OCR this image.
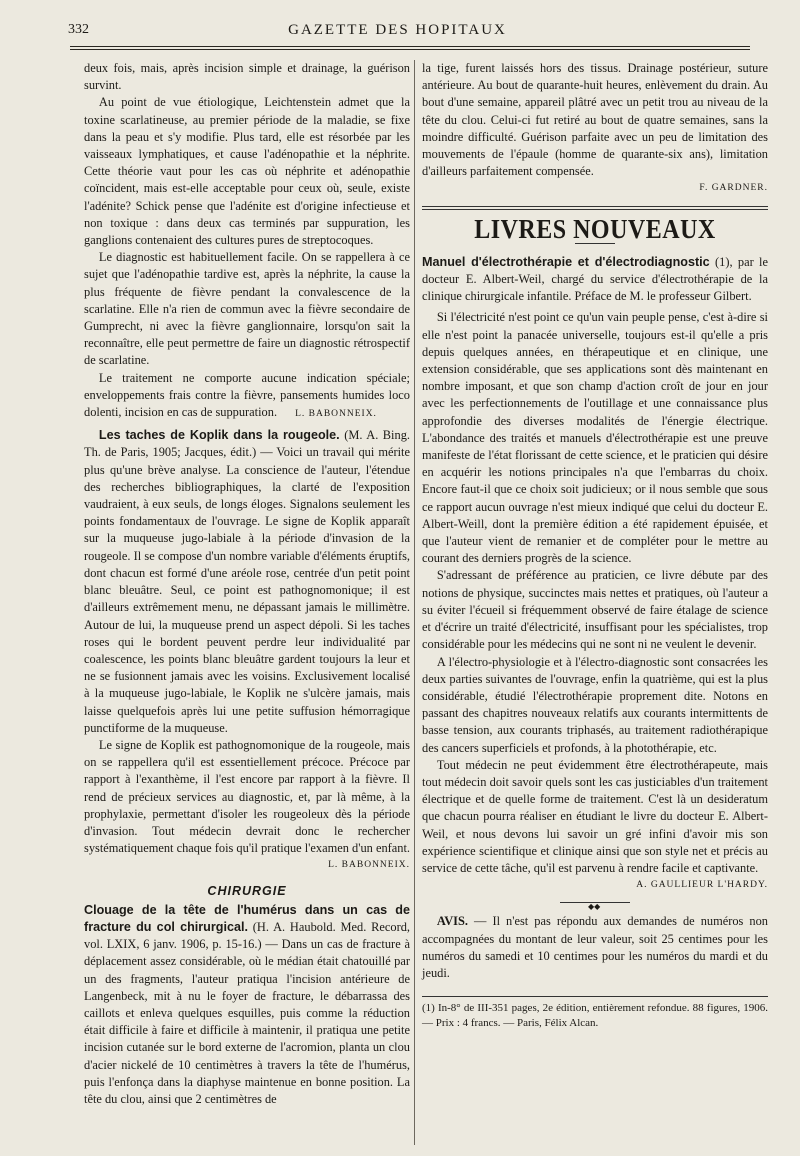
332	GAZETTE DES HOPITAUX

deux fois, mais, après incision simple et drainage, la guérison survint.

Au point de vue étiologique, Leichtenstein admet que la toxine scarlatineuse, au premier période de la maladie, se fixe dans la peau et s'y modifie. Plus tard, elle est résorbée par les vaisseaux lymphatiques, et cause l'adénopathie et la néphrite. Cette théorie vaut pour les cas où néphrite et adénopathie coïncident, mais est-elle acceptable pour ceux où, seule, existe l'adénite? Schick pense que l'adénite est d'origine infectieuse et non toxique : dans deux cas terminés par suppuration, les ganglions contenaient des cultures pures de streptocoques.

Le diagnostic est habituellement facile. On se rappellera à ce sujet que l'adénopathie tardive est, après la néphrite, la cause la plus fréquente de fièvre pendant la convalescence de la scarlatine. Elle n'a rien de commun avec la fièvre secondaire de Gumprecht, ni avec la fièvre ganglionnaire, lorsqu'on sait la reconnaître, elle peut permettre de faire un diagnostic rétrospectif de scarlatine.

Le traitement ne comporte aucune indication spéciale; enveloppements frais contre la fièvre, pansements humides loco dolenti, incision en cas de suppuration. L. BABONNEIX.

Les taches de Koplik dans la rougeole. (M. A. Bing. Th. de Paris, 1905; Jacques, édit.) — Voici un travail qui mérite plus qu'une brève analyse. La conscience de l'auteur, l'étendue des recherches bibliographiques, la clarté de l'exposition vaudraient, à eux seuls, de longs éloges. Signalons seulement les points fondamentaux de l'ouvrage. Le signe de Koplik apparaît sur la muqueuse jugo-labiale à la période d'invasion de la rougeole. Il se compose d'un nombre variable d'éléments éruptifs, dont chacun est formé d'une aréole rose, centrée d'un petit point blanc bleuâtre. Seul, ce point est pathognomonique; il est d'ailleurs extrêmement menu, ne dépassant jamais le millimètre. Autour de lui, la muqueuse prend un aspect dépoli. Si les taches roses qui le bordent peuvent perdre leur individualité par coalescence, les points blanc bleuâtre gardent toujours la leur et ne se fusionnent jamais avec les voisins. Exclusivement localisé à la muqueuse jugo-labiale, le Koplik ne s'ulcère jamais, mais laisse quelquefois après lui une petite suffusion hémorragique punctiforme de la muqueuse.

Le signe de Koplik est pathognomonique de la rougeole, mais on se rappellera qu'il est essentiellement précoce. Précoce par rapport à l'exanthème, il l'est encore par rapport à la fièvre. Il rend de précieux services au diagnostic, et, par là même, à la prophylaxie, permettant d'isoler les rougeoleux dès la période d'invasion. Tout médecin devrait donc le rechercher systématiquement chaque fois qu'il pratique l'examen d'un enfant.

L. BABONNEIX.
CHIRURGIE

Clouage de la tête de l'humérus dans un cas de fracture du col chirurgical. (H. A. Haubold. Med. Record, vol. LXIX, 6 janv. 1906, p. 15-16.) — Dans un cas de fracture à déplacement assez considérable, où le médian était chatouillé par un des fragments, l'auteur pratiqua l'incision antérieure de Langenbeck, mit à nu le foyer de fracture, le débarrassa des caillots et enleva quelques esquilles, puis comme la réduction était difficile à faire et difficile à maintenir, il pratiqua une petite incision cutanée sur le bord externe de l'acromion, planta un clou d'acier nickelé de 10 centimètres à travers la tête de l'humérus, puis l'enfonça dans la diaphyse maintenue en bonne position. La tête du clou, ainsi que 2 centimètres de

la tige, furent laissés hors des tissus. Drainage postérieur, suture antérieure. Au bout de quarante-huit heures, enlèvement du drain. Au bout d'une semaine, appareil plâtré avec un petit trou au niveau de la tête du clou. Celui-ci fut retiré au bout de quatre semaines, sans la moindre difficulté. Guérison parfaite avec un peu de limitation des mouvements de l'épaule (homme de quarante-six ans), limitation d'ailleurs parfaitement compensée.

F. GARDNER.
LIVRES NOUVEAUX

Manuel d'électrothérapie et d'électrodiagnostic (1), par le docteur E. Albert-Weil, chargé du service d'électrothérapie de la clinique chirurgicale infantile. Préface de M. le professeur Gilbert.

Si l'électricité n'est point ce qu'un vain peuple pense, c'est à-dire si elle n'est point la panacée universelle, toujours est-il qu'elle a pris depuis quelques années, en thérapeutique et en clinique, une extension considérable, que ses applications sont dès maintenant en nombre imposant, et que son champ d'action croît de jour en jour avec les perfectionnements de l'outillage et une connaissance plus approfondie des diverses modalités de l'énergie électrique. L'abondance des traités et manuels d'électrothérapie est une preuve manifeste de l'état florissant de cette science, et le praticien qui désire en acquérir les notions principales n'a que l'embarras du choix. Encore faut-il que ce choix soit judicieux; or il nous semble que sous ce rapport aucun ouvrage n'est mieux indiqué que celui du docteur E. Albert-Weill, dont la première édition a été rapidement épuisée, et que l'auteur vient de remanier et de compléter pour le mettre au courant des derniers progrès de la science.

S'adressant de préférence au praticien, ce livre débute par des notions de physique, succinctes mais nettes et pratiques, où l'auteur a su éviter l'écueil si fréquemment observé de faire étalage de science et d'écrire un traité d'électricité, insuffisant pour les spécialistes, trop considérable pour les médecins qui ne sont ni ne veulent le devenir.

A l'électro-physiologie et à l'électro-diagnostic sont consacrées les deux parties suivantes de l'ouvrage, enfin la quatrième, qui est la plus considérable, étudié l'électrothérapie proprement dite. Notons en passant des chapitres nouveaux relatifs aux courants intermittents de basse tension, aux courants triphasés, au traitement radiothérapique des cancers superficiels et profonds, à la photothérapie, etc.

Tout médecin ne peut évidemment être électrothérapeute, mais tout médecin doit savoir quels sont les cas justiciables d'un traitement électrique et de quelle forme de traitement. C'est là un desideratum que chacun pourra réaliser en étudiant le livre du docteur E. Albert-Weil, et nous devons lui savoir un gré infini d'avoir mis son expérience scientifique et clinique ainsi que son style net et précis au service de cette tâche, qu'il est parvenu à rendre facile et captivante.

A. GAULLIEUR L'HARDY.
◆◆

AVIS. — Il n'est pas répondu aux demandes de numéros non accompagnées du montant de leur valeur, soit 25 centimes pour les numéros du samedi et 10 centimes pour les numéros du mardi et du jeudi.

(1) In-8° de III-351 pages, 2e édition, entièrement refondue. 88 figures, 1906. — Prix : 4 francs. — Paris, Félix Alcan.
